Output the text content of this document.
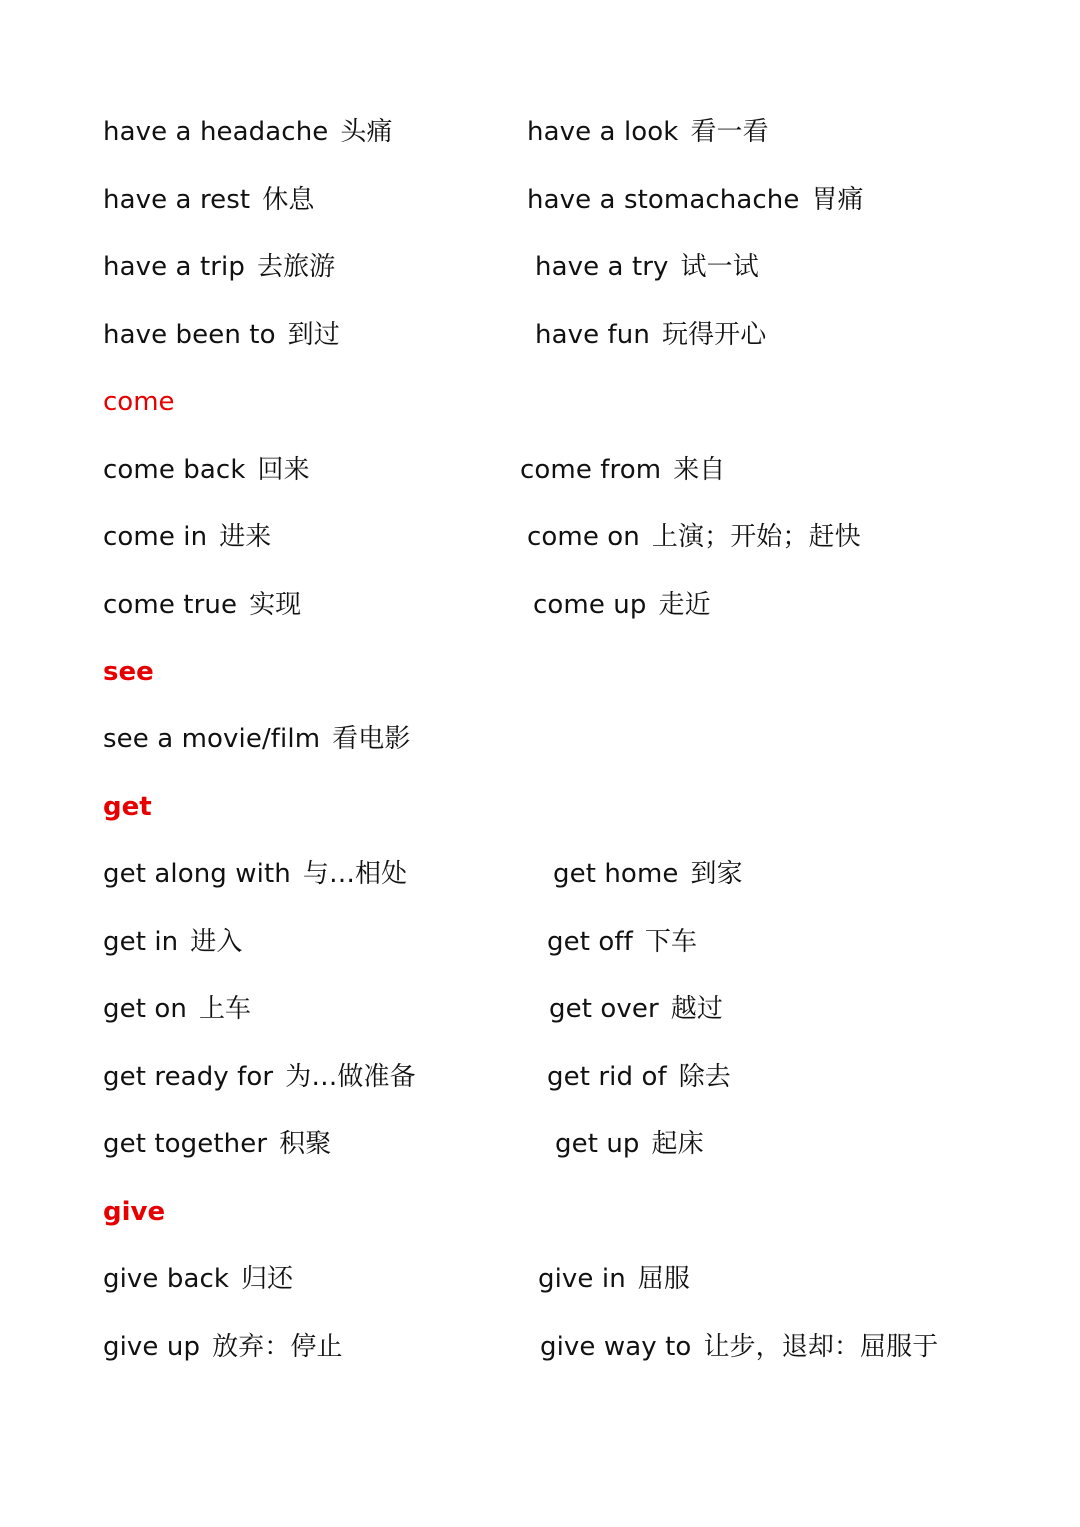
have a headache 头痛	have a look 看一看
have a rest 休息	have a stomachache 胃痛
have a trip 去旅游	have a try 试一试
have been to 到过	have fun 玩得开心
come
come back 回来	come from 来自
come in 进来	come on 上演；开始；赶快
come true 实现	come up 走近
see
see a movie/film 看电影
get
get along with 与…相处	get home 到家
get in 进入	get off 下车
get on 上车	get over 越过
get ready for 为…做准备	get rid of 除去
get together 积聚	get up 起床
give
give back 归还	give in 屈服
give up 放弃：停止	give way to 让步，退却：屈服于
